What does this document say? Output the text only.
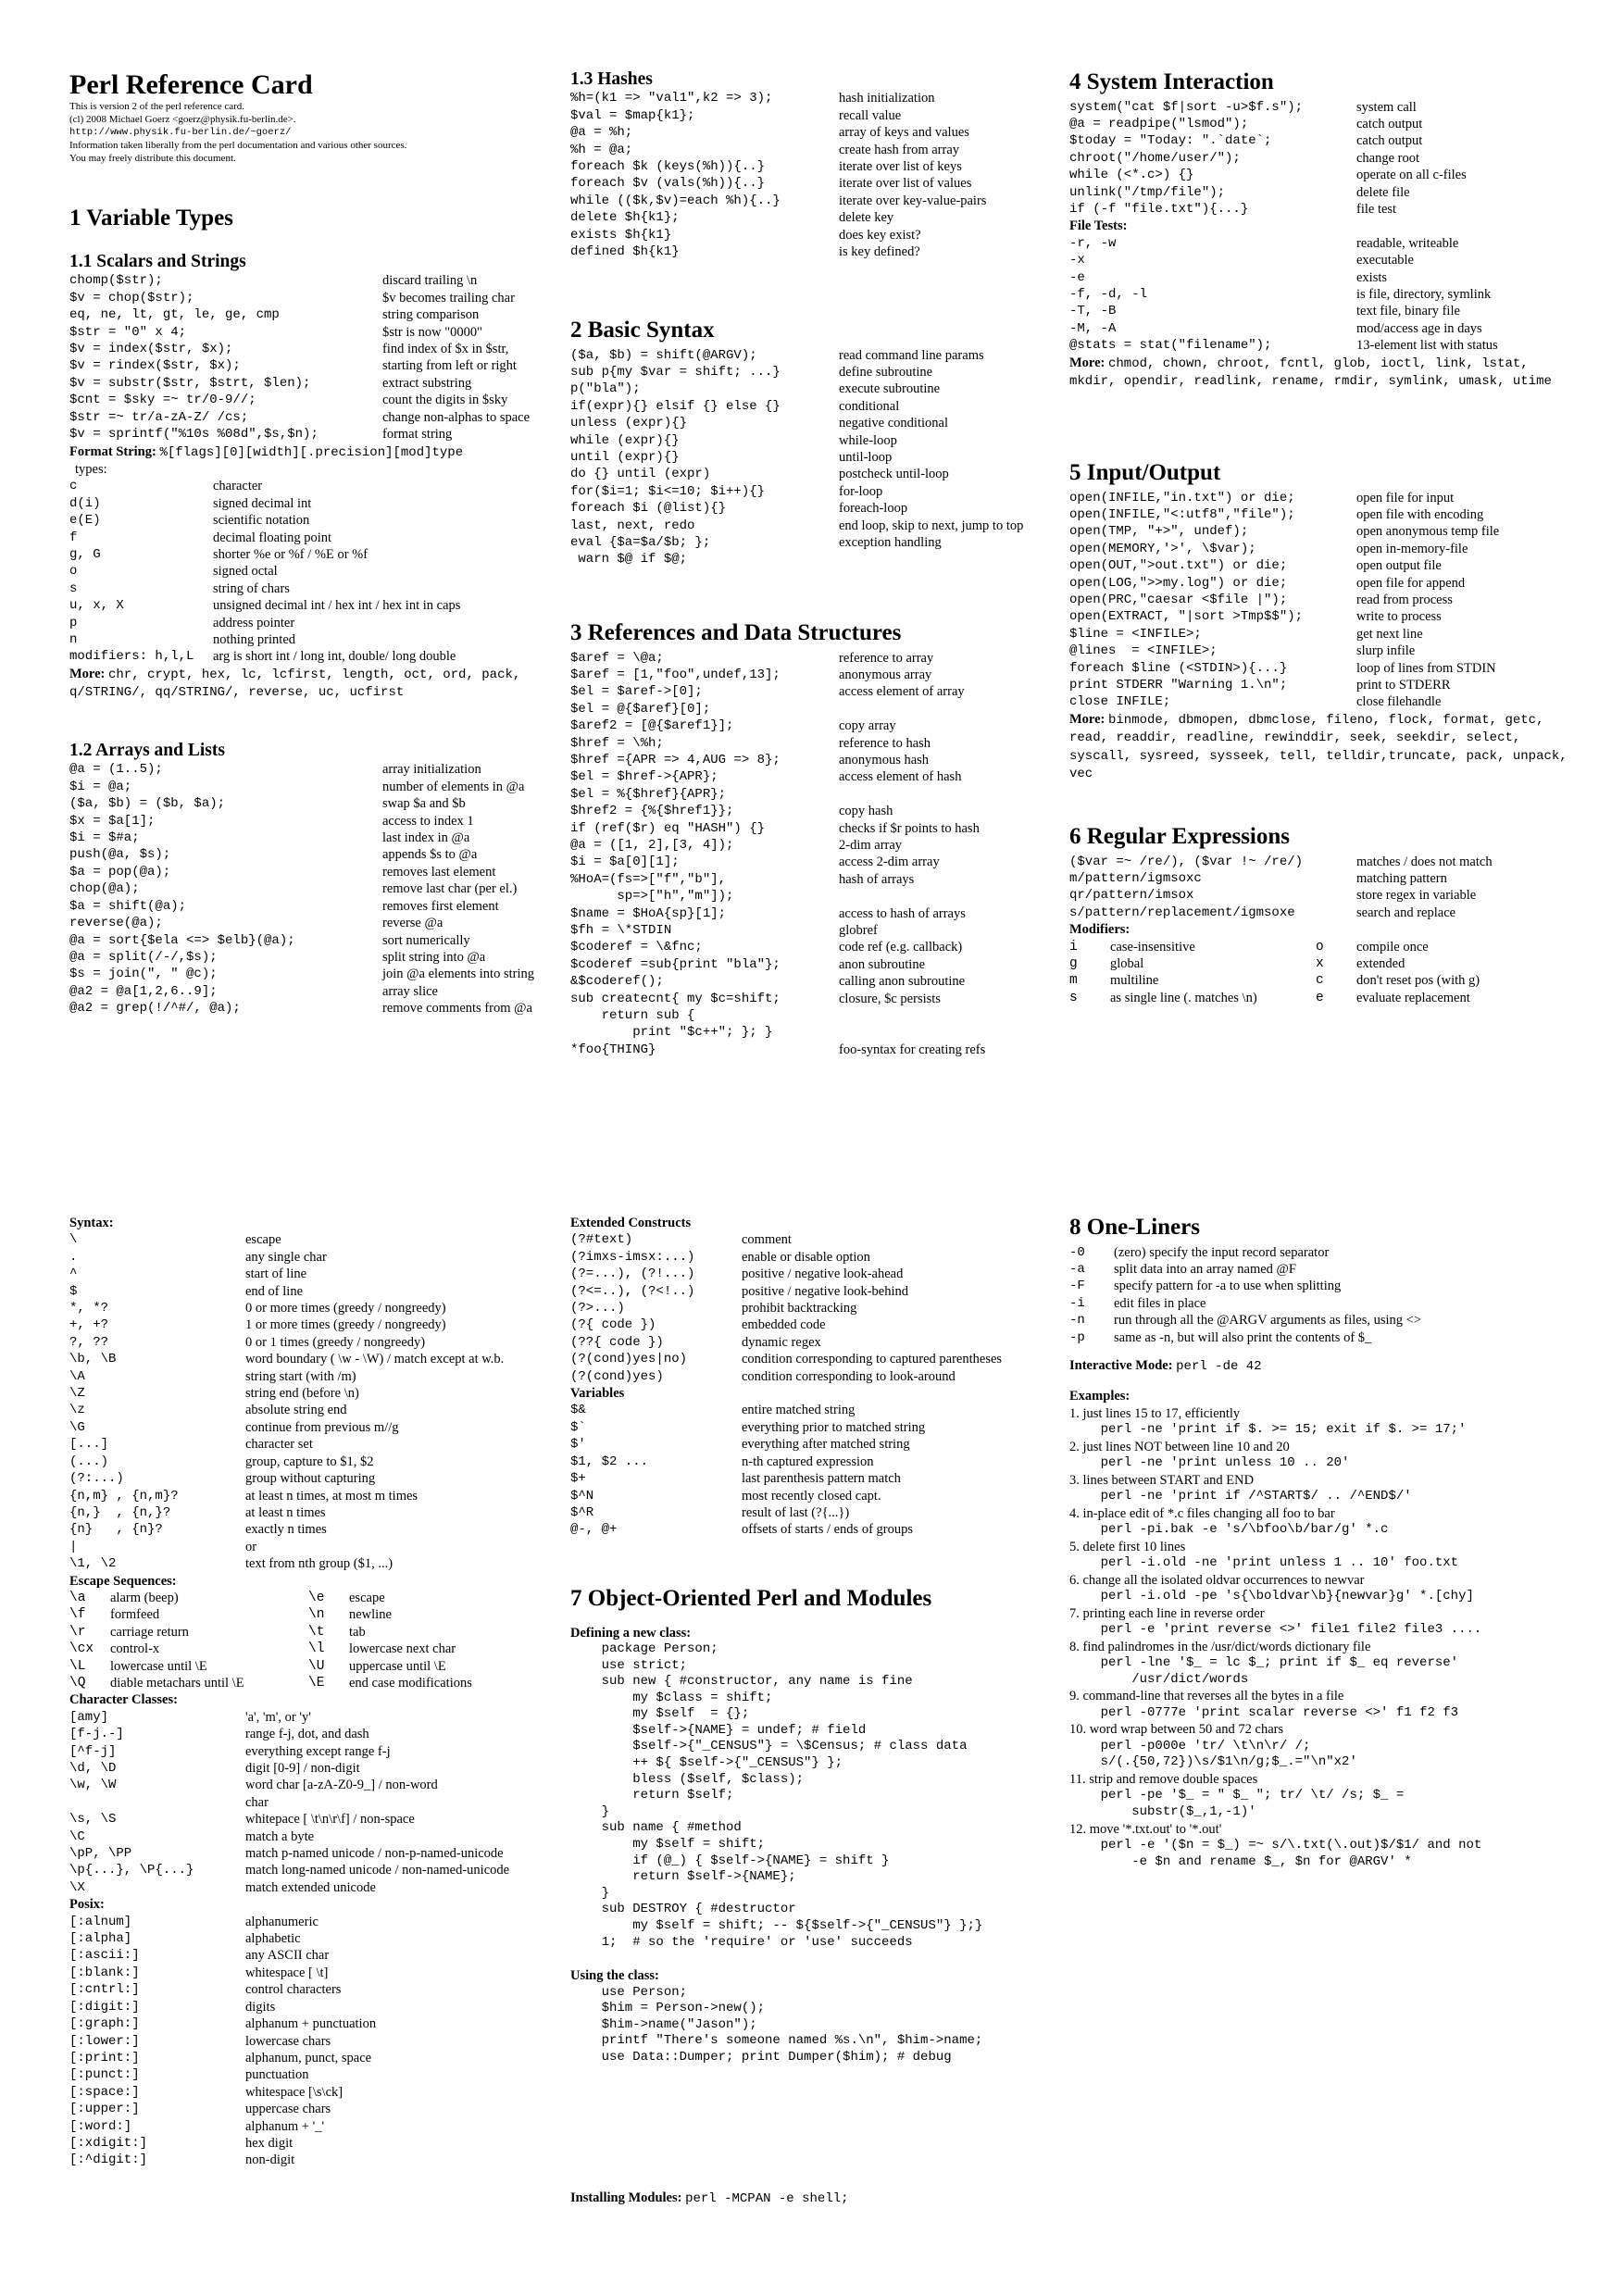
Perl Reference Card
This is version 2 of the perl reference card.
(cl) 2008 Michael Goerz <goerz@physik.fu-berlin.de>.
http://www.physik.fu-berlin.de/~goerz/
Information taken liberally from the perl documentation and various other sources.
You may freely distribute this document.
1 Variable Types
1.1 Scalars and Strings
chomp($str);	discard trailing \n
$v = chop($str);	$v becomes trailing char
eq, ne, lt, gt, le, ge, cmp	string comparison
$str = "0" x 4;	$str is now "0000"
$v = index($str, $x);	find index of $x in $str,
$v = rindex($str, $x);	starting from left or right
$v = substr($str, $strt, $len);	extract substring
$cnt = $sky =~ tr/0-9//;	count the digits in $sky
$str =~ tr/a-zA-Z/ /cs;	change non-alphas to space
$v = sprintf("%10s %08d",$s,$n);	format string
Format String: %[flags][0][width][.precision][mod]type
types:
c	character
d(i)	signed decimal int
e(E)	scientific notation
f	decimal floating point
g, G	shorter %e or %f / %E or %f
o	signed octal
s	string of chars
u, x, X	unsigned decimal int / hex int / hex int in caps
p	address pointer
n	nothing printed
modifiers: h,l,L	arg is short int / long int, double/ long double
More: chr, crypt, hex, lc, lcfirst, length, oct, ord, pack, q/STRING/, qq/STRING/, reverse, uc, ucfirst
1.2 Arrays and Lists
@a = (1..5);	array initialization
$i = @a;	number of elements in @a
($a, $b) = ($b, $a);	swap $a and $b
$x = $a[1];	access to index 1
$i = $#a;	last index in @a
push(@a, $s);	appends $s to @a
$a = pop(@a);	removes last element
chop(@a);	remove last char (per el.)
$a = shift(@a);	removes first element
reverse(@a);	reverse @a
@a = sort{$ela <=> $elb}(@a);	sort numerically
@a = split(/-/,$s);	split string into @a
$s = join(", " @c);	join @a elements into string
@a2 = @a[1,2,6..9];	array slice
@a2 = grep(!/^#/, @a);	remove comments from @a
1.3 Hashes
%h=(k1 => "val1",k2 => 3);	hash initialization
$val = $map{k1};	recall value
@a = %h;	array of keys and values
%h = @a;	create hash from array
foreach $k (keys(%h)){..}	iterate over list of keys
foreach $v (vals(%h)){..}	iterate over list of values
while (($k,$v)=each %h){..}	iterate over key-value-pairs
delete $h{k1};	delete key
exists $h{k1}	does key exist?
defined $h{k1}	is key defined?
2 Basic Syntax
($a, $b) = shift(@ARGV);	read command line params
sub p{my $var = shift; ...}	define subroutine
p("bla");	execute subroutine
if(expr){} elsif {} else {}	conditional
unless (expr){}	negative conditional
while (expr){}	while-loop
until (expr){}	until-loop
do {} until (expr)	postcheck until-loop
for($i=1; $i<=10; $i++){}	for-loop
foreach $i (@list){}	foreach-loop
last, next, redo	end loop, skip to next, jump to top
eval {$a=$a/$b; };	exception handling
warn $@ if $@;
3 References and Data Structures
$aref = \@a;	reference to array
$aref = [1,"foo",undef,13];	anonymous array
$el = $aref->[0];	access element of array
$el = @{$aref}[0];
$aref2 = [@{$aref1}];	copy array
$href = \%h;	reference to hash
$href ={APR => 4,AUG => 8};	anonymous hash
$el = $href->{APR};	access element of hash
$el = %{$href}{APR};
$href2 = {%{$href1}};	copy hash
if (ref($r) eq "HASH") {}	checks if $r points to hash
@a = ([1, 2],[3, 4]);	2-dim array
$i = $a[0][1];	access 2-dim array
%HoA=(fs=>["f","b"],	hash of arrays
sp=>["h","m"]);
$name = $HoA{sp}[1];	access to hash of arrays
$fh = \*STDIN	globref
$coderef = \&fnc;	code ref (e.g. callback)
$coderef =sub{print "bla"};	anon subroutine
&$coderef();	calling anon subroutine
sub createcnt{ my $c=shift;	closure, $c persists
return sub {
print "$c++"; }; }
*foo{THING}	foo-syntax for creating refs
4 System Interaction
system("cat $f|sort -u>$f.s");	system call
@a = readpipe("lsmod");	catch output
$today = "Today: ".`date`;	catch output
chroot("/home/user/");	change root
while (<*.c>) {}	operate on all c-files
unlink("/tmp/file");	delete file
if (-f "file.txt"){...}	file test
File Tests:
-r, -w	readable, writeable
-x	executable
-e	exists
-f, -d, -l	is file, directory, symlink
-T, -B	text file, binary file
-M, -A	mod/access age in days
@stats = stat("filename");	13-element list with status
More: chmod, chown, chroot, fcntl, glob, ioctl, link, lstat, mkdir, opendir, readlink, rename, rmdir, symlink, umask, utime
5 Input/Output
open(INFILE,"in.txt") or die;	open file for input
open(INFILE,"<:utf8","file");	open file with encoding
open(TMP, "+>", undef);	open anonymous temp file
open(MEMORY,'>', \$var);	open in-memory-file
open(OUT,">out.txt") or die;	open output file
open(LOG,">>my.log") or die;	open file for append
open(PRC,"caesar <$file |");	read from process
open(EXTRACT, "|sort >Tmp$$");	write to process
$line = <INFILE>;	get next line
@lines  = <INFILE>;	slurp infile
foreach $line (<STDIN>){...}	loop of lines from STDIN
print STDERR "Warning 1.\n";	print to STDERR
close INFILE;	close filehandle
More: binmode, dbmopen, dbmclose, fileno, flock, format, getc, read, readdir, readline, rewinddir, seek, seekdir, select, syscall, sysreed, sysseek, tell, telldir,truncate, pack, unpack, vec
6 Regular Expressions
($var =~ /re/), ($var !~ /re/)	matches / does not match
m/pattern/igmsoxc	matching pattern
qr/pattern/imsox	store regex in variable
s/pattern/replacement/igmsoxe	search and replace
Modifiers:
i	case-insensitive	o	compile once
g	global	x	extended
m	multiline	c	don't reset pos (with g)
s	as single line (. matches \n)	e	evaluate replacement
Syntax:
\	escape
.	any single char
^	start of line
$	end of line
*, *?	0 or more times (greedy / nongreedy)
+, +?	1 or more times (greedy / nongreedy)
?, ??	0 or 1 times (greedy / nongreedy)
\b, \B	word boundary ( \w - \W) / match except at w.b.
\A	string start (with /m)
\Z	string end (before \n)
\z	absolute string end
\G	continue from previous m//g
[...]	character set
(...)	group, capture to $1, $2
(?:...)	group without capturing
{n,m} , {n,m}?	at least n times, at most m times
{n,}  , {n,}?	at least n times
{n}   , {n}?	exactly n times
|	or
\1, \2	text from nth group ($1, ...)
Escape Sequences:
\a	alarm (beep)	\e	escape
\f	formfeed	\n	newline
\r	carriage return	\t	tab
\cx	control-x	\l	lowercase next char
\L	lowercase until \E	\U	uppercase until \E
\Q	diable metachars until \E	\E	end case modifications
Character Classes:
[amy]	'a', 'm', or 'y'
[f-j.-]	range f-j, dot, and dash
[^f-j]	everything except range f-j
\d, \D	digit [0-9] / non-digit
\w, \W	word char [a-zA-Z0-9_] / non-word
char
\s, \S	whitepace [ \t\n\r\f] / non-space
\C	match a byte
\pP, \PP	match p-named unicode / non-p-named-unicode
\p{...}, \P{...}	match long-named unicode / non-named-unicode
\X	match extended unicode
Posix:
[:alnum]	alphanumeric
[:alpha]	alphabetic
[:ascii:]	any ASCII char
[:blank:]	whitespace [ \t]
[:cntrl:]	control characters
[:digit:]	digits
[:graph:]	alphanum + punctuation
[:lower:]	lowercase chars
[:print:]	alphanum, punct, space
[:punct:]	punctuation
[:space:]	whitespace [\s\ck]
[:upper:]	uppercase chars
[:word:]	alphanum + '_'
[:xdigit:]	hex digit
[:^digit:]	non-digit
Extended Constructs
(?#text)	comment
(?imxs-imsx:...)	enable or disable option
(?=...), (?!...)	positive / negative look-ahead
(?<=..), (?<!..)	positive / negative look-behind
(?>...)	prohibit backtracking
(?{ code })	embedded code
(??{ code })	dynamic regex
(?(cond)yes|no)	condition corresponding to captured parentheses
(?(cond)yes)	condition corresponding to look-around
Variables
$&	entire matched string
$`	everything prior to matched string
$'	everything after matched string
$1, $2 ...	n-th captured expression
$+	last parenthesis pattern match
$^N	most recently closed capt.
$^R	result of last (?{...})
@-, @+	offsets of starts / ends of groups
7 Object-Oriented Perl and Modules
Defining a new class:
package Person;
use strict;
sub new { #constructor, any name is fine
my $class = shift;
my $self  = {};
$self->{NAME} = undef; # field
$self->{"_CENSUS"} = \$Census; # class data
++ ${ $self->{"_CENSUS"} };
bless ($self, $class);
return $self;
}
sub name { #method
my $self = shift;
if (@_) { $self->{NAME} = shift }
return $self->{NAME};
}
sub DESTROY { #destructor
my $self = shift; -- ${$self->{"_CENSUS"} };}
1;  # so the 'require' or 'use' succeeds
Using the class:
use Person;
$him = Person->new();
$him->name("Jason");
printf "There's someone named %s.\n", $him->name;
use Data::Dumper; print Dumper($him); # debug
Installing Modules: perl -MCPAN -e shell;
8 One-Liners
-0	(zero) specify the input record separator
-a	split data into an array named @F
-F	specify pattern for -a to use when splitting
-i	edit files in place
-n	run through all the @ARGV arguments as files, using <>
-p	same as -n, but will also print the contents of $_
Interactive Mode: perl -de 42
Examples:
1. just lines 15 to 17, efficiently
perl -ne 'print if $. >= 15; exit if $. >= 17;'
2. just lines NOT between line 10 and 20
perl -ne 'print unless 10 .. 20'
3. lines between START and END
perl -ne 'print if /^START$/ .. /^END$/'
4. in-place edit of *.c files changing all foo to bar
perl -pi.bak -e 's/\bfoo\b/bar/g' *.c
5. delete first 10 lines
perl -i.old -ne 'print unless 1 .. 10' foo.txt
6. change all the isolated oldvar occurrences to newvar
perl -i.old -pe 's{\boldvar\b}{newvar}g' *.[chy]
7. printing each line in reverse order
perl -e 'print reverse <>' file1 file2 file3 ....
8. find palindromes in the /usr/dict/words dictionary file
perl -lne '$_ = lc $_; print if $_ eq reverse'
/usr/dict/words
9. command-line that reverses all the bytes in a file
perl -0777e 'print scalar reverse <>' f1 f2 f3
10. word wrap between 50 and 72 chars
perl -p000e 'tr/ \t\n\r/ /;
s/(.{50,72})\s/$1\n/g;$_.="\n"x2'
11. strip and remove double spaces
perl -pe '$_ = " $_ "; tr/ \t/ /s; $_ =
substr($_,1,-1)'
12. move '*.txt.out' to '*.out'
perl -e '($n = $_) =~ s/\.txt(\.out)$/$1/ and not
-e $n and rename $_, $n for @ARGV' *
